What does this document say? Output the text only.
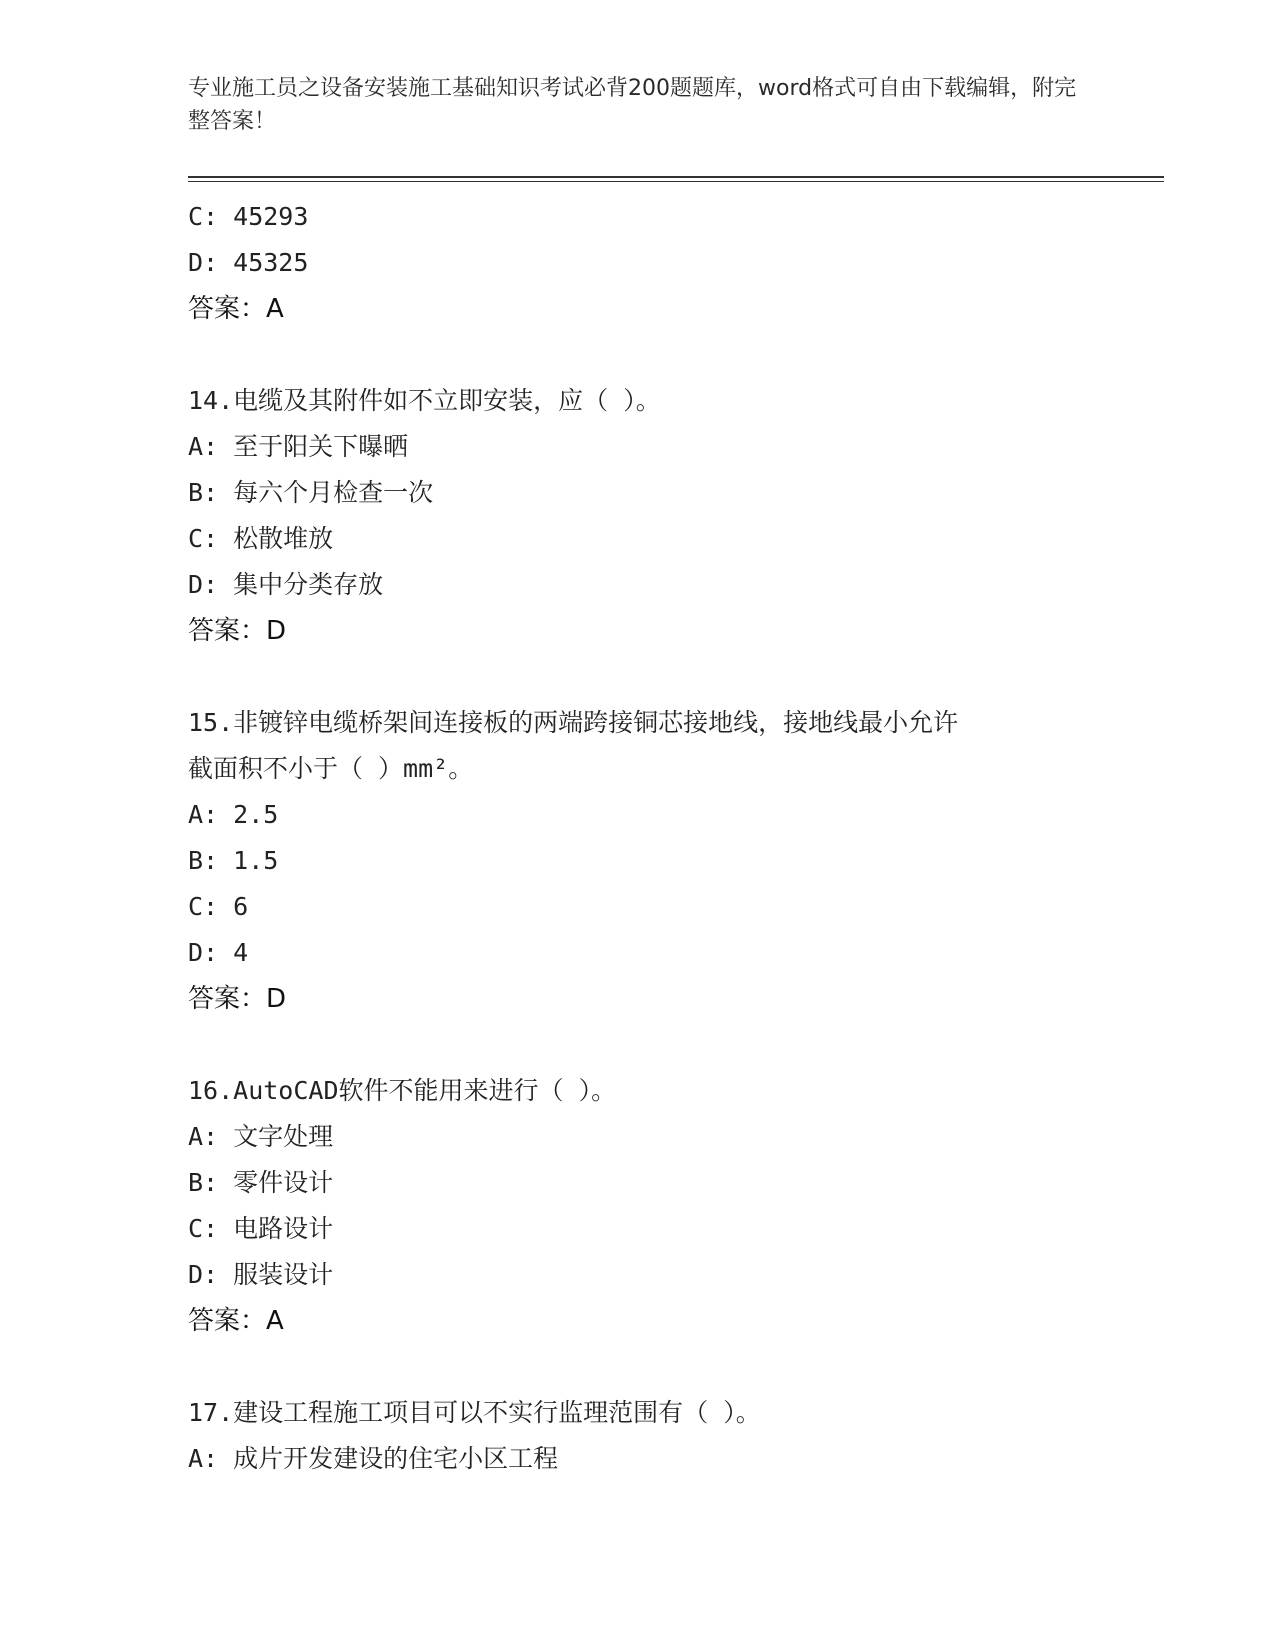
专业施工员之设备安装施工基础知识考试必背200题题库，word格式可自由下载编辑，附完整答案！
C: 45293
D: 45325
答案：A
14.电缆及其附件如不立即安装，应（ ）。
A: 至于阳关下曝晒
B: 每六个月检查一次
C: 松散堆放
D: 集中分类存放
答案：D
15.非镀锌电缆桥架间连接板的两端跨接铜芯接地线，接地线最小允许
截面积不小于（ ）mm²。
A: 2.5
B: 1.5
C: 6
D: 4
答案：D
16.AutoCAD软件不能用来进行（ ）。
A: 文字处理
B: 零件设计
C: 电路设计
D: 服装设计
答案：A
17.建设工程施工项目可以不实行监理范围有（ ）。
A: 成片开发建设的住宅小区工程
